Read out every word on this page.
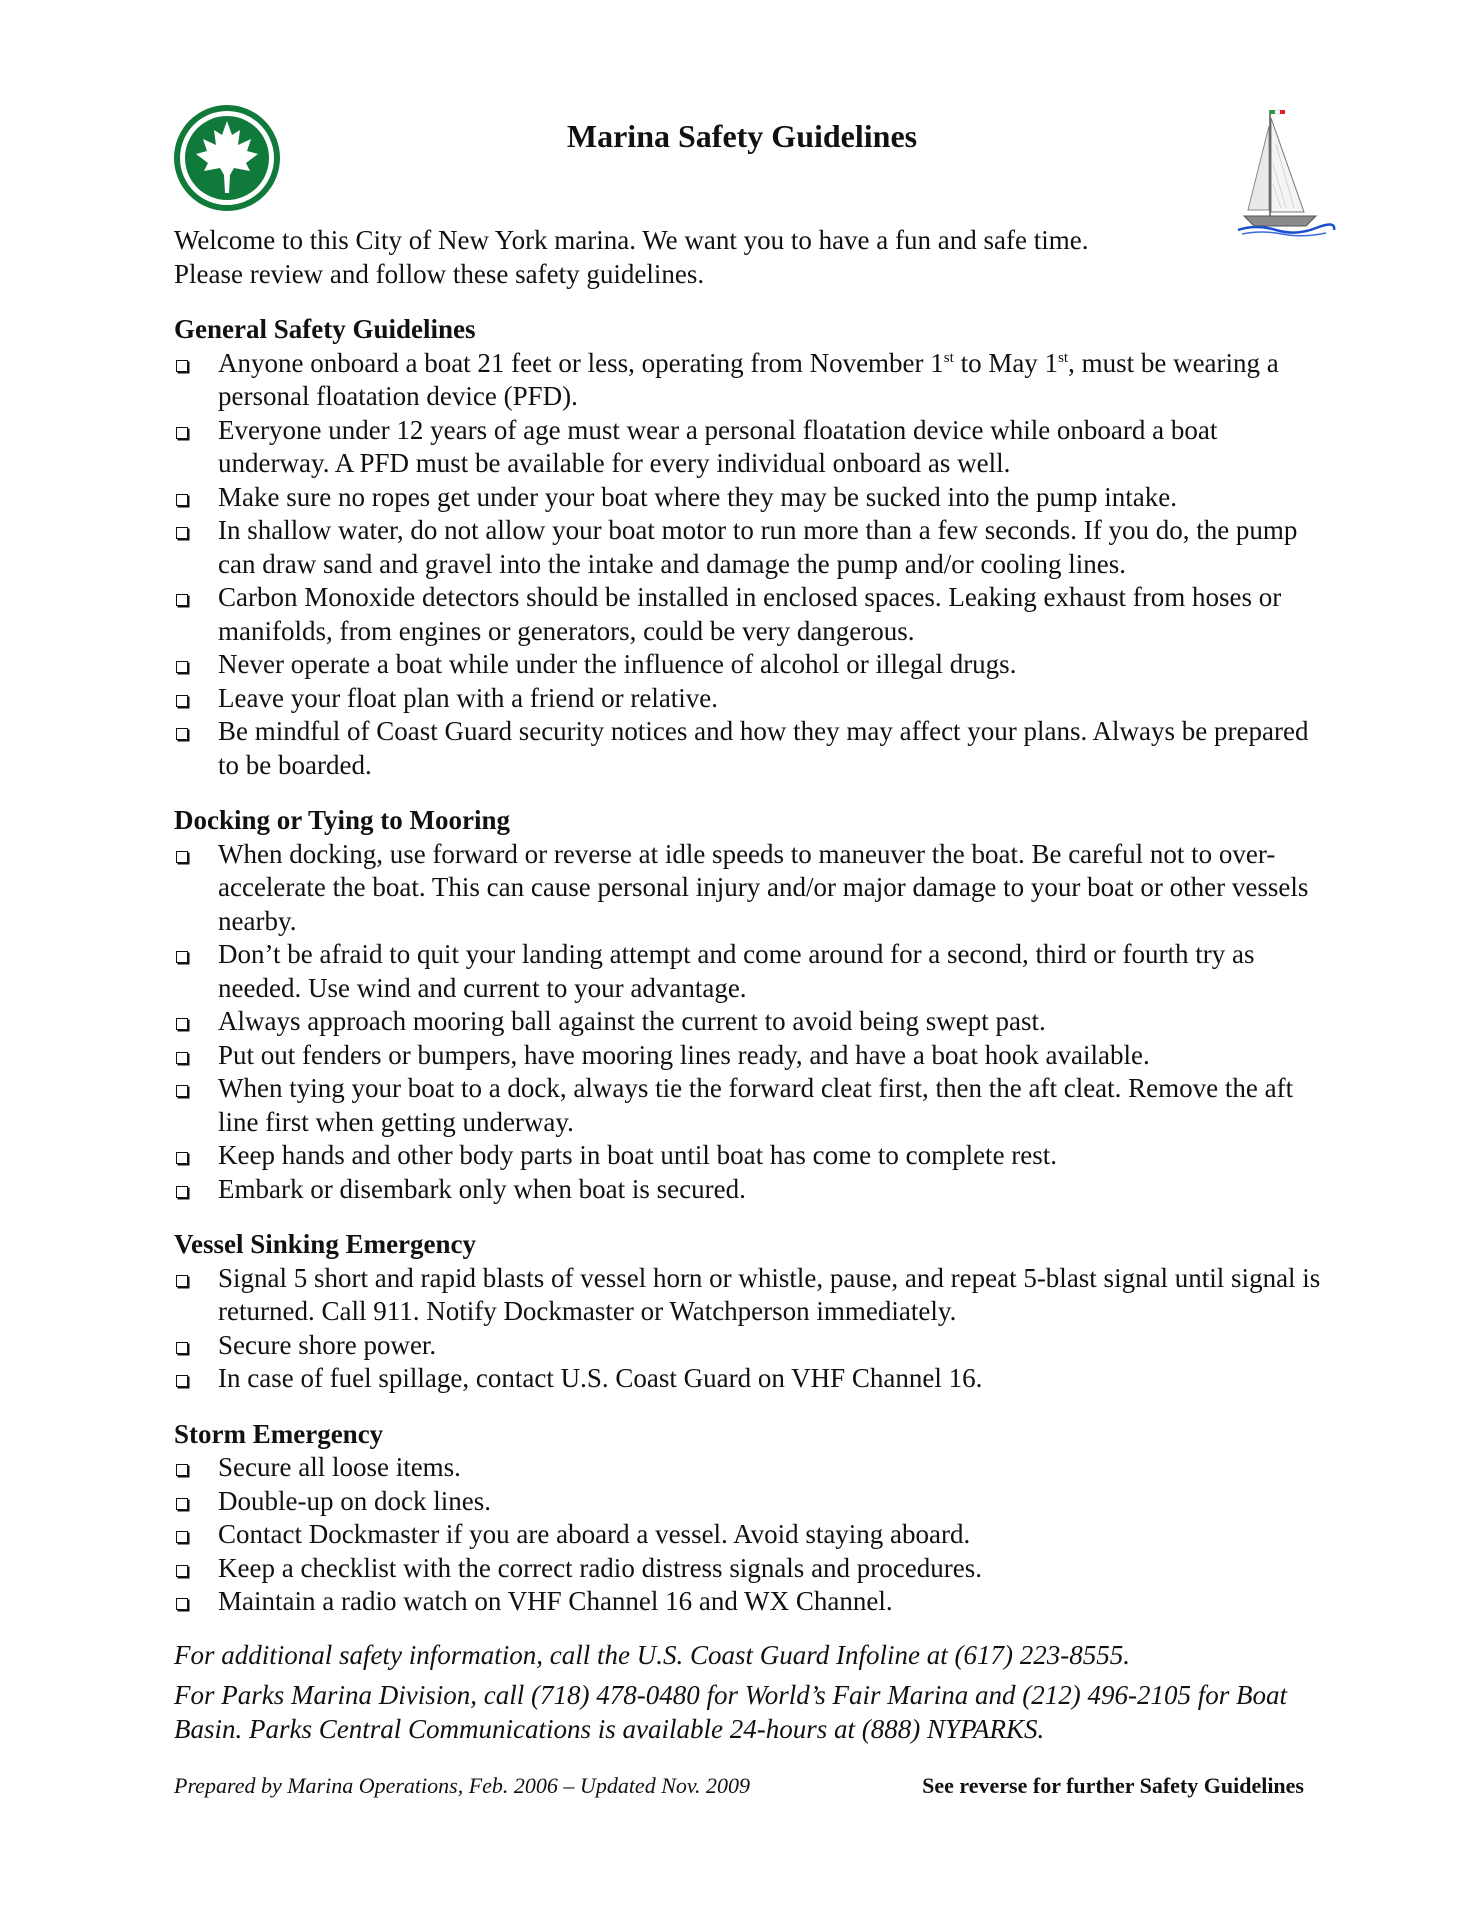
Marina Safety Guidelines

Welcome to this City of New York marina. We want you to have a fun and safe time.

Please review and follow these safety guidelines.

General Safety Guidelines

Anyone onboard a boat 21 feet or less, operating from November 1st to May 1st, must be wearing a personal floatation device (PFD).
Everyone under 12 years of age must wear a personal floatation device while onboard a boat underway. A PFD must be available for every individual onboard as well.
Make sure no ropes get under your boat where they may be sucked into the pump intake.
In shallow water, do not allow your boat motor to run more than a few seconds. If you do, the pump can draw sand and gravel into the intake and damage the pump and/or cooling lines.
Carbon Monoxide detectors should be installed in enclosed spaces. Leaking exhaust from hoses or manifolds, from engines or generators, could be very dangerous.
Never operate a boat while under the influence of alcohol or illegal drugs.
Leave your float plan with a friend or relative.
Be mindful of Coast Guard security notices and how they may affect your plans. Always be prepared to be boarded.

Docking or Tying to Mooring

When docking, use forward or reverse at idle speeds to maneuver the boat. Be careful not to over-accelerate the boat. This can cause personal injury and/or major damage to your boat or other vessels nearby.
Don’t be afraid to quit your landing attempt and come around for a second, third or fourth try as needed. Use wind and current to your advantage.
Always approach mooring ball against the current to avoid being swept past.
Put out fenders or bumpers, have mooring lines ready, and have a boat hook available.
When tying your boat to a dock, always tie the forward cleat first, then the aft cleat. Remove the aft line first when getting underway.
Keep hands and other body parts in boat until boat has come to complete rest.
Embark or disembark only when boat is secured.

Vessel Sinking Emergency

Signal 5 short and rapid blasts of vessel horn or whistle, pause, and repeat 5-blast signal until signal is returned. Call 911. Notify Dockmaster or Watchperson immediately.
Secure shore power.
In case of fuel spillage, contact U.S. Coast Guard on VHF Channel 16.

Storm Emergency

Secure all loose items.
Double-up on dock lines.
Contact Dockmaster if you are aboard a vessel. Avoid staying aboard.
Keep a checklist with the correct radio distress signals and procedures.
Maintain a radio watch on VHF Channel 16 and WX Channel.

For additional safety information, call the U.S. Coast Guard Infoline at (617) 223-8555.

For Parks Marina Division, call (718) 478-0480 for World’s Fair Marina and (212) 496-2105 for Boat Basin. Parks Central Communications is available 24-hours at (888) NYPARKS.

Prepared by Marina Operations, Feb. 2006 – Updated Nov. 2009	See reverse for further Safety Guidelines
